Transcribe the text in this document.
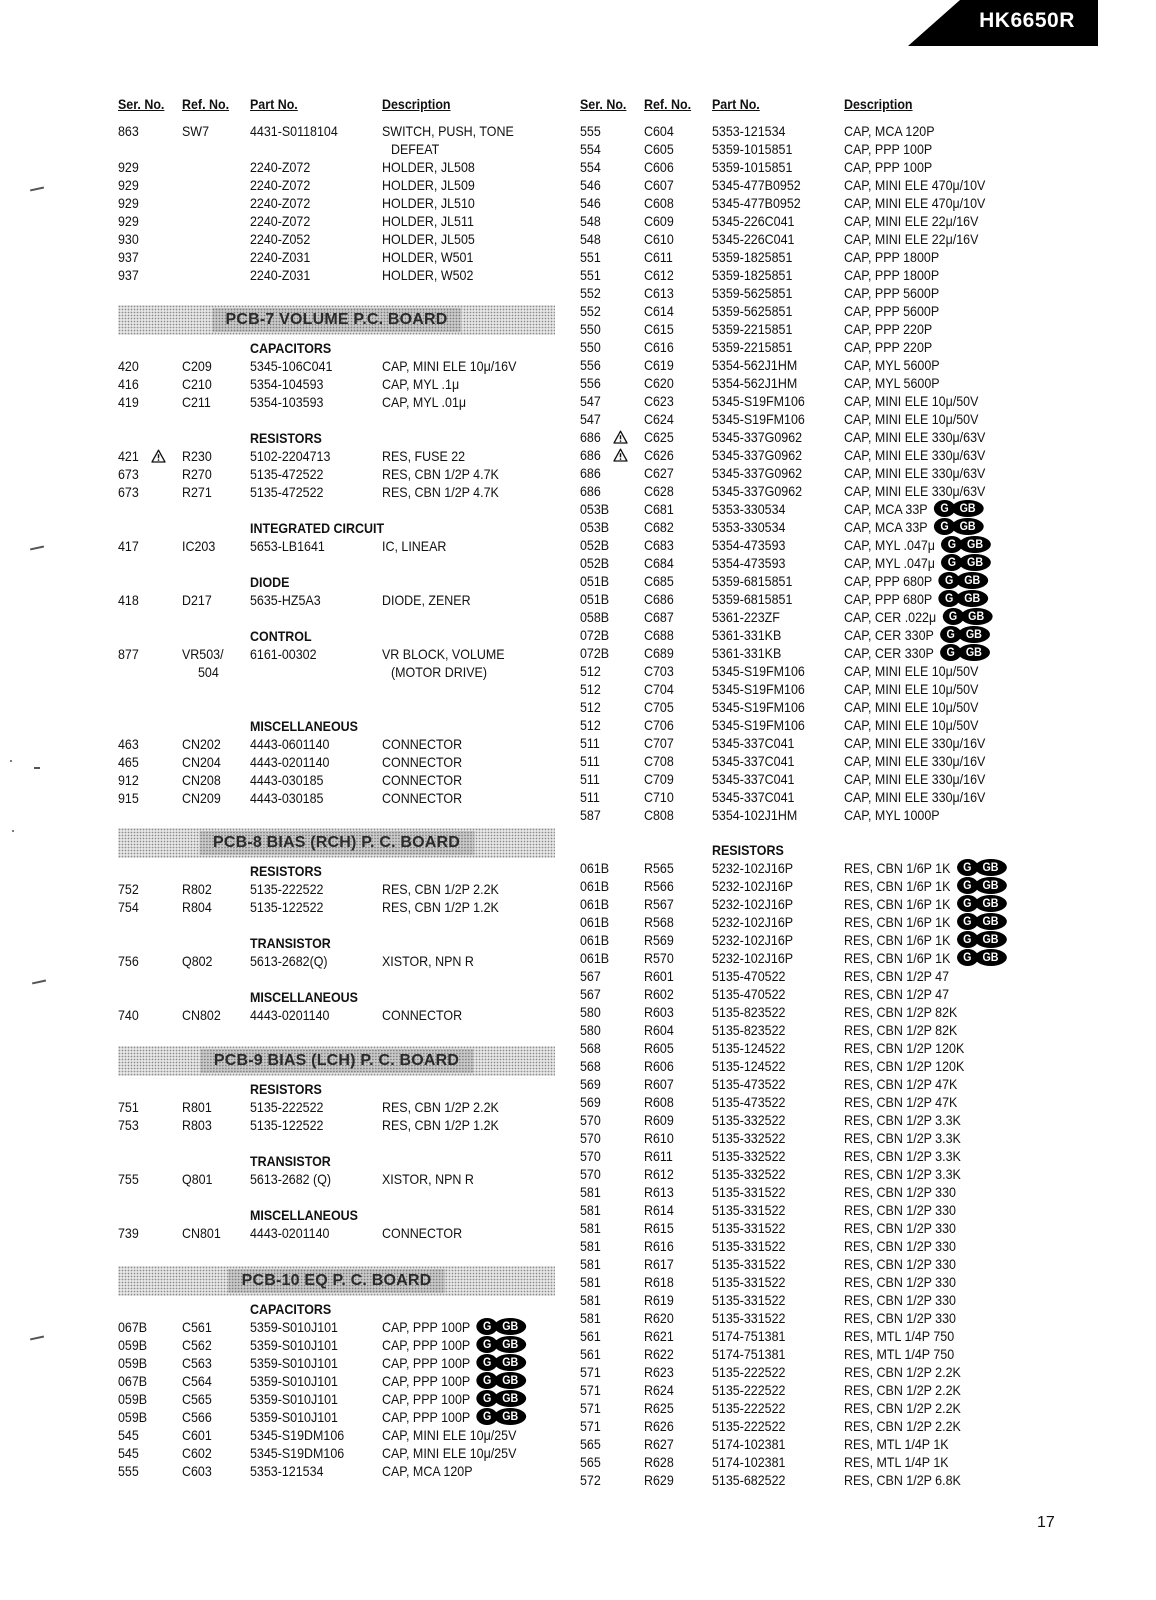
HK6650R
Ser. No. Ref. No. Part No.	Description
863	SW7	4431-S0118104	SWITCH, PUSH, TONE
DEFEAT
929	2240-Z072	HOLDER, JL508
929	2240-Z072	HOLDER, JL509
929	2240-Z072	HOLDER, JL510
929	2240-Z072	HOLDER, JL511
930	2240-Z052	HOLDER, JL505
937	2240-Z031	HOLDER, W501
937	2240-Z031	HOLDER, W502
PCB-7 VOLUME P.C. BOARD
CAPACITORS
420	C209	5345-106C041	CAP, MINI ELE 10μ/16V
416	C210	5354-104593	CAP, MYL .1μ
419	C211	5354-103593	CAP, MYL .01μ
RESISTORS
421	R230	5102-2204713	RES, FUSE 22
673	R270	5135-472522	RES, CBN 1/2P 4.7K
673	R271	5135-472522	RES, CBN 1/2P 4.7K
INTEGRATED CIRCUIT
417	IC203 5653-LB1641	IC, LINEAR
DIODE
418	D217	5635-HZ5A3	DIODE, ZENER
CONTROL
877	VR503/ 6161-00302	VR BLOCK, VOLUME
504	(MOTOR DRIVE)
MISCELLANEOUS
463	CN202 4443-0601140	CONNECTOR
465	CN204 4443-0201140	CONNECTOR
912	CN208 4443-030185	CONNECTOR
915	CN209 4443-030185	CONNECTOR
PCB-8 BIAS (RCH) P. C. BOARD
RESISTORS
752	R802	5135-222522	RES, CBN 1/2P 2.2K
754	R804	5135-122522	RES, CBN 1/2P 1.2K
TRANSISTOR
756	Q802	5613-2682(Q)	XISTOR, NPN R
MISCELLANEOUS
740	CN802 4443-0201140	CONNECTOR
PCB-9 BIAS (LCH) P. C. BOARD
RESISTORS
751	R801	5135-222522	RES, CBN 1/2P 2.2K
753	R803	5135-122522	RES, CBN 1/2P 1.2K
TRANSISTOR
755	Q801	5613-2682 (Q)	XISTOR, NPN R
MISCELLANEOUS
739	CN801 4443-0201140	CONNECTOR
PCB-10 EQ P. C. BOARD
CAPACITORS
067B C561	5359-S010J101	CAP, PPP 100P G GB
059B C562	5359-S010J101	CAP, PPP 100P G GB
059B C563	5359-S010J101	CAP, PPP 100P G GB
067B C564	5359-S010J101	CAP, PPP 100P G GB
059B C565	5359-S010J101	CAP, PPP 100P G GB
059B C566	5359-S010J101	CAP, PPP 100P G GB
545	C601	5345-S19DM106	CAP, MINI ELE 10μ/25V
545	C602	5345-S19DM106	CAP, MINI ELE 10μ/25V
555	C603	5353-121534	CAP, MCA 120P
Ser. No. Ref. No. Part No.	Description
555	C604	5353-121534	CAP, MCA 120P
554	C605	5359-1015851	CAP, PPP 100P
554	C606	5359-1015851	CAP, PPP 100P
546	C607	5345-477B0952	CAP, MINI ELE 470μ/10V
546	C608	5345-477B0952	CAP, MINI ELE 470μ/10V
548	C609	5345-226C041	CAP, MINI ELE 22μ/16V
548	C610	5345-226C041	CAP, MINI ELE 22μ/16V
551	C611	5359-1825851	CAP, PPP 1800P
551	C612	5359-1825851	CAP, PPP 1800P
552	C613	5359-5625851	CAP, PPP 5600P
552	C614	5359-5625851	CAP, PPP 5600P
550	C615	5359-2215851	CAP, PPP 220P
550	C616	5359-2215851	CAP, PPP 220P
556	C619	5354-562J1HM	CAP, MYL 5600P
556	C620	5354-562J1HM	CAP, MYL 5600P
547	C623	5345-S19FM106	CAP, MINI ELE 10μ/50V
547	C624	5345-S19FM106	CAP, MINI ELE 10μ/50V
686	C625	5345-337G0962	CAP, MINI ELE 330μ/63V
686	C626	5345-337G0962	CAP, MINI ELE 330μ/63V
686	C627	5345-337G0962	CAP, MINI ELE 330μ/63V
686	C628	5345-337G0962	CAP, MINI ELE 330μ/63V
053B C681	5353-330534	CAP, MCA 33P G GB
053B C682	5353-330534	CAP, MCA 33P G GB
052B C683	5354-473593	CAP, MYL .047μ G GB
052B C684	5354-473593	CAP, MYL .047μ G GB
051B C685	5359-6815851	CAP, PPP 680P G GB
051B C686	5359-6815851	CAP, PPP 680P G GB
058B C687	5361-223ZF	CAP, CER .022μ G GB
072B C688	5361-331KB	CAP, CER 330P G GB
072B C689	5361-331KB	CAP, CER 330P G GB
512	C703	5345-S19FM106	CAP, MINI ELE 10μ/50V
512	C704	5345-S19FM106	CAP, MINI ELE 10μ/50V
512	C705	5345-S19FM106	CAP, MINI ELE 10μ/50V
512	C706	5345-S19FM106	CAP, MINI ELE 10μ/50V
511	C707	5345-337C041	CAP, MINI ELE 330μ/16V
511	C708	5345-337C041	CAP, MINI ELE 330μ/16V
511	C709	5345-337C041	CAP, MINI ELE 330μ/16V
511	C710	5345-337C041	CAP, MINI ELE 330μ/16V
587	C808	5354-102J1HM	CAP, MYL 1000P
RESISTORS
061B R565	5232-102J16P	RES, CBN 1/6P 1K G GB
061B R566	5232-102J16P	RES, CBN 1/6P 1K G GB
061B R567	5232-102J16P	RES, CBN 1/6P 1K G GB
061B R568	5232-102J16P	RES, CBN 1/6P 1K G GB
061B R569	5232-102J16P	RES, CBN 1/6P 1K G GB
061B R570	5232-102J16P	RES, CBN 1/6P 1K G GB
567	R601	5135-470522	RES, CBN 1/2P 47
567	R602	5135-470522	RES, CBN 1/2P 47
580	R603	5135-823522	RES, CBN 1/2P 82K
580	R604	5135-823522	RES, CBN 1/2P 82K
568	R605	5135-124522	RES, CBN 1/2P 120K
568	R606	5135-124522	RES, CBN 1/2P 120K
569	R607	5135-473522	RES, CBN 1/2P 47K
569	R608	5135-473522	RES, CBN 1/2P 47K
570	R609	5135-332522	RES, CBN 1/2P 3.3K
570	R610	5135-332522	RES, CBN 1/2P 3.3K
570	R611	5135-332522	RES, CBN 1/2P 3.3K
570	R612	5135-332522	RES, CBN 1/2P 3.3K
581	R613	5135-331522	RES, CBN 1/2P 330
581	R614	5135-331522	RES, CBN 1/2P 330
581	R615	5135-331522	RES, CBN 1/2P 330
581	R616	5135-331522	RES, CBN 1/2P 330
581	R617	5135-331522	RES, CBN 1/2P 330
581	R618	5135-331522	RES, CBN 1/2P 330
581	R619	5135-331522	RES, CBN 1/2P 330
581	R620	5135-331522	RES, CBN 1/2P 330
561	R621	5174-751381	RES, MTL 1/4P 750
561	R622	5174-751381	RES, MTL 1/4P 750
571	R623	5135-222522	RES, CBN 1/2P 2.2K
571	R624	5135-222522	RES, CBN 1/2P 2.2K
571	R625	5135-222522	RES, CBN 1/2P 2.2K
571	R626	5135-222522	RES, CBN 1/2P 2.2K
565	R627	5174-102381	RES, MTL 1/4P 1K
565	R628	5174-102381	RES, MTL 1/4P 1K
572	R629	5135-682522	RES, CBN 1/2P 6.8K
17
